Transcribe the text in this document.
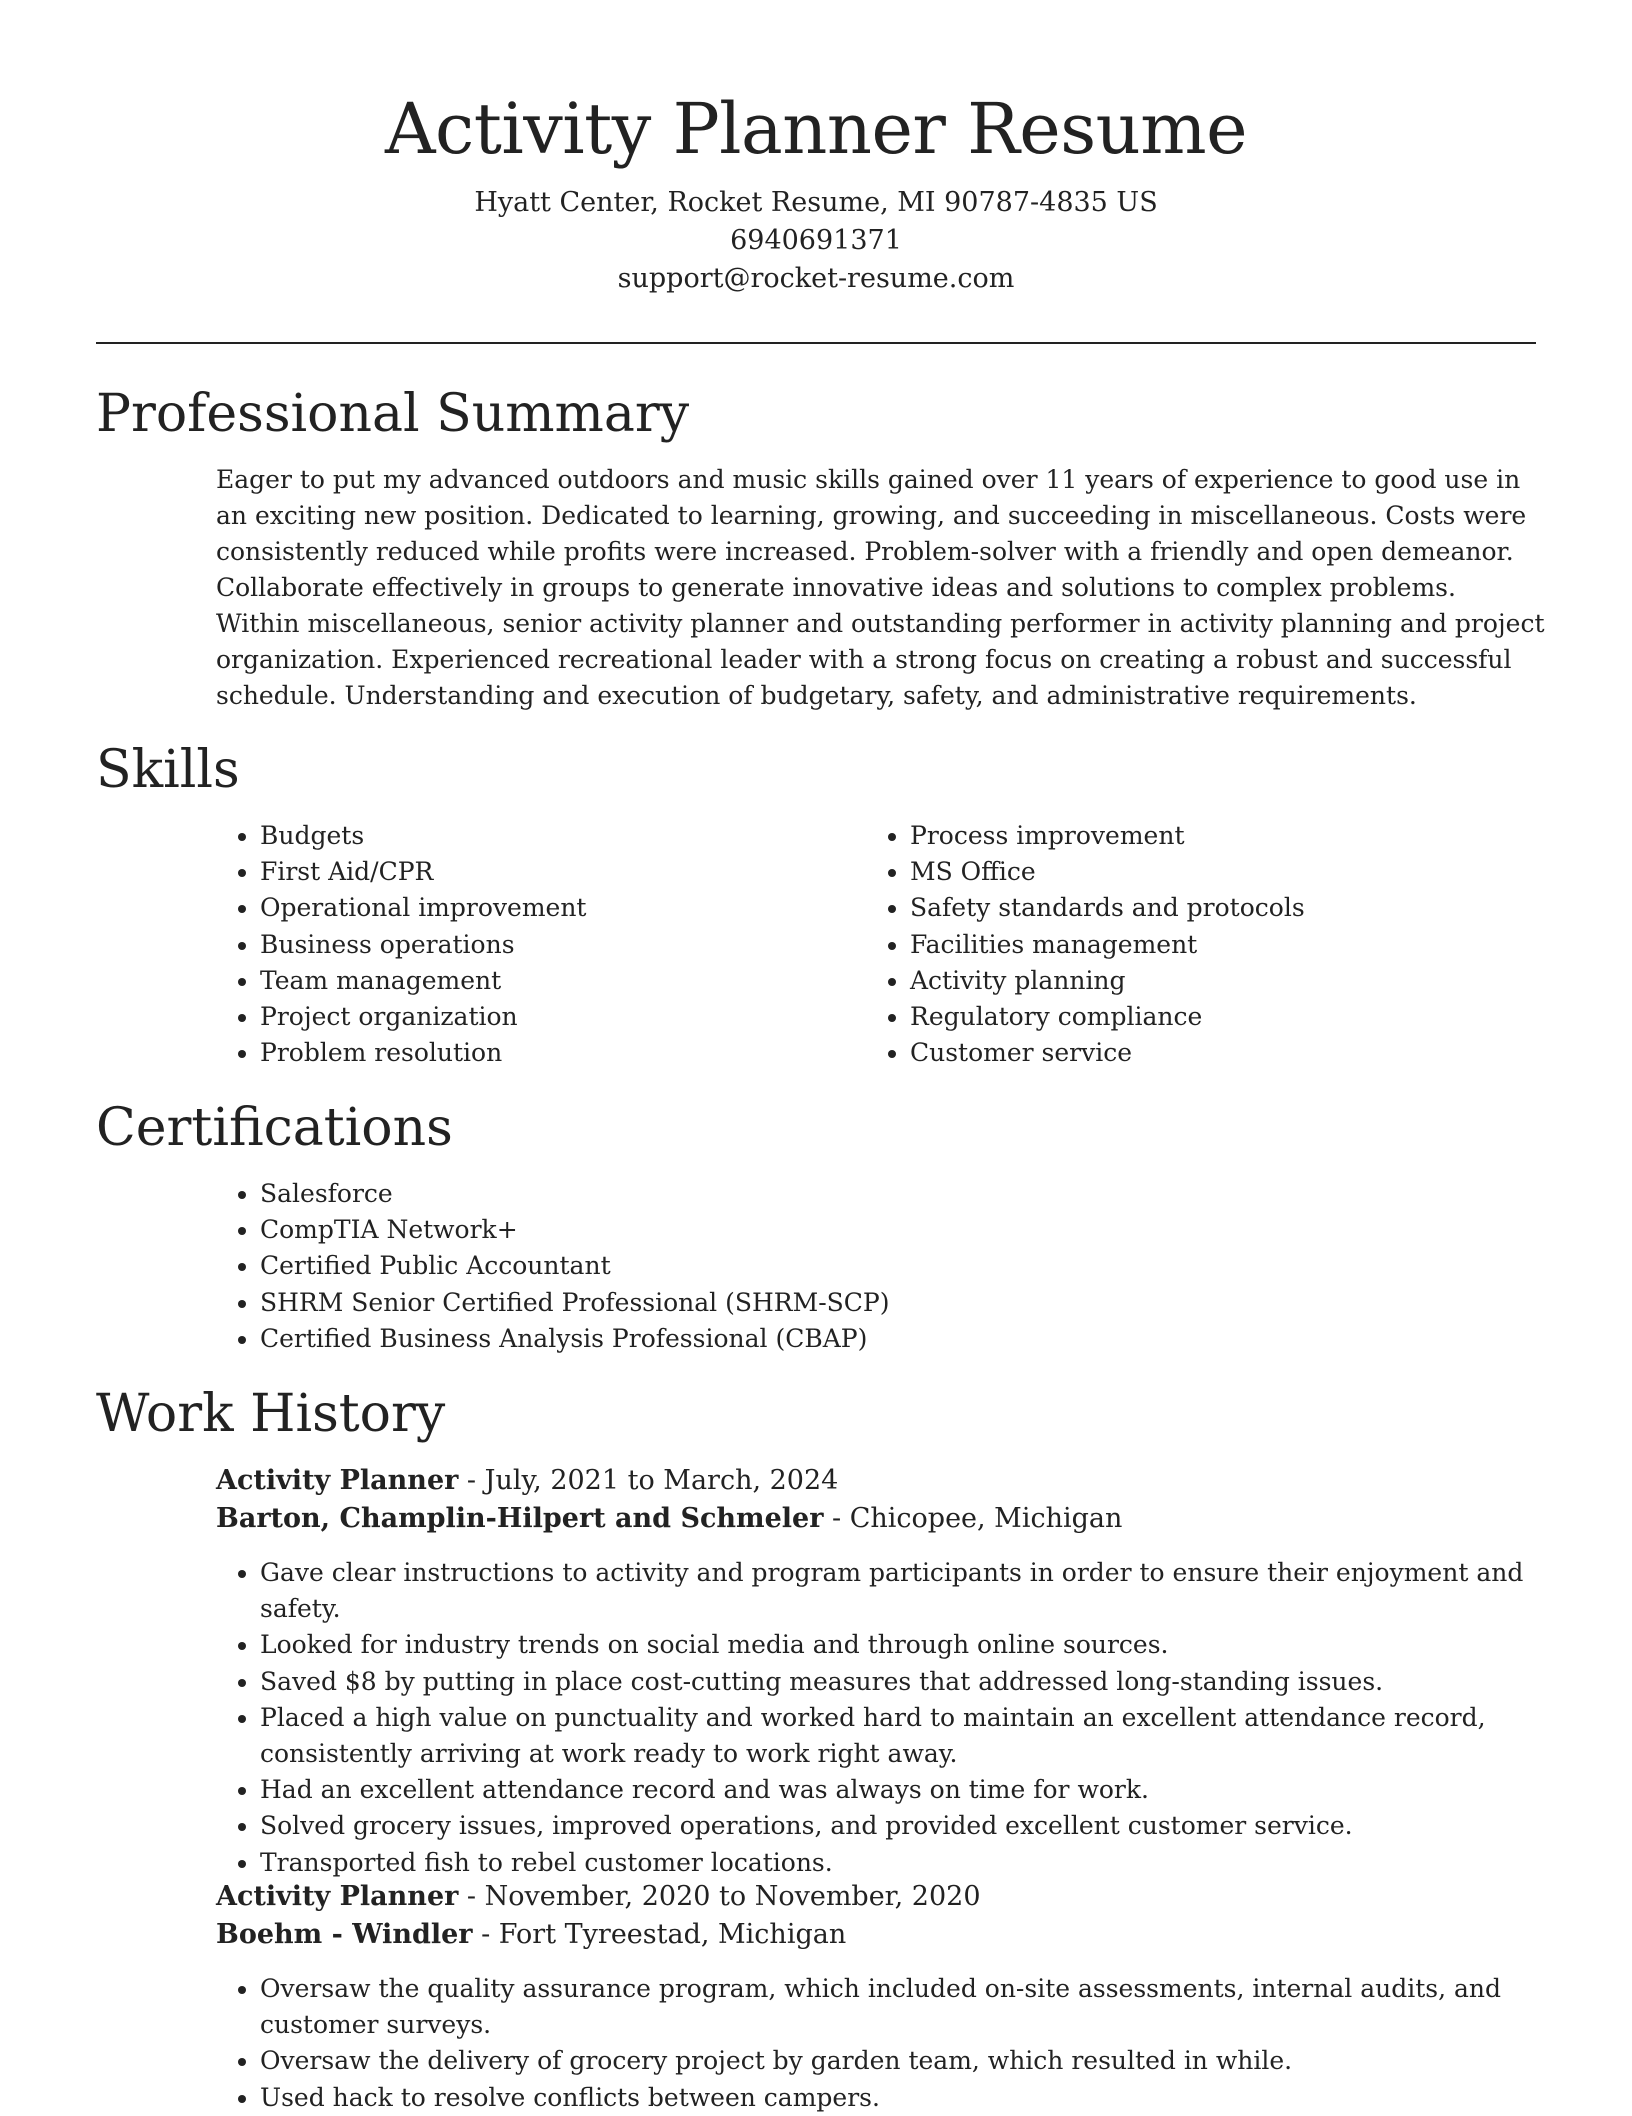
Activity Planner Resume
Hyatt Center, Rocket Resume, MI 90787-4835 US
6940691371
support@rocket-resume.com
Professional Summary

Eager to put my advanced outdoors and music skills gained over 11 years of experience to good use in an exciting new position. Dedicated to learning, growing, and succeeding in miscellaneous. Costs were consistently reduced while profits were increased. Problem-solver with a friendly and open demeanor. Collaborate effectively in groups to generate innovative ideas and solutions to complex problems. Within miscellaneous, senior activity planner and outstanding performer in activity planning and project organization. Experienced recreational leader with a strong focus on creating a robust and successful schedule. Understanding and execution of budgetary, safety, and administrative requirements.

Skills
• Budgets
• First Aid/CPR
• Operational improvement
• Business operations
• Team management
• Project organization
• Problem resolution
• Process improvement
• MS Office
• Safety standards and protocols
• Facilities management
• Activity planning
• Regulatory compliance
• Customer service
Certifications
• Salesforce
• CompTIA Network+
• Certified Public Accountant
• SHRM Senior Certified Professional (SHRM-SCP)
• Certified Business Analysis Professional (CBAP)
Work History
Activity Planner - July, 2021 to March, 2024
Barton, Champlin-Hilpert and Schmeler - Chicopee, Michigan
• Gave clear instructions to activity and program participants in order to ensure their enjoyment and safety.
• Looked for industry trends on social media and through online sources.
• Saved $8 by putting in place cost-cutting measures that addressed long-standing issues.
• Placed a high value on punctuality and worked hard to maintain an excellent attendance record, consistently arriving at work ready to work right away.
• Had an excellent attendance record and was always on time for work.
• Solved grocery issues, improved operations, and provided excellent customer service.
• Transported fish to rebel customer locations.
Activity Planner - November, 2020 to November, 2020
Boehm - Windler - Fort Tyreestad, Michigan
• Oversaw the quality assurance program, which included on-site assessments, internal audits, and customer surveys.
• Oversaw the delivery of grocery project by garden team, which resulted in while.
• Used hack to resolve conflicts between campers.
